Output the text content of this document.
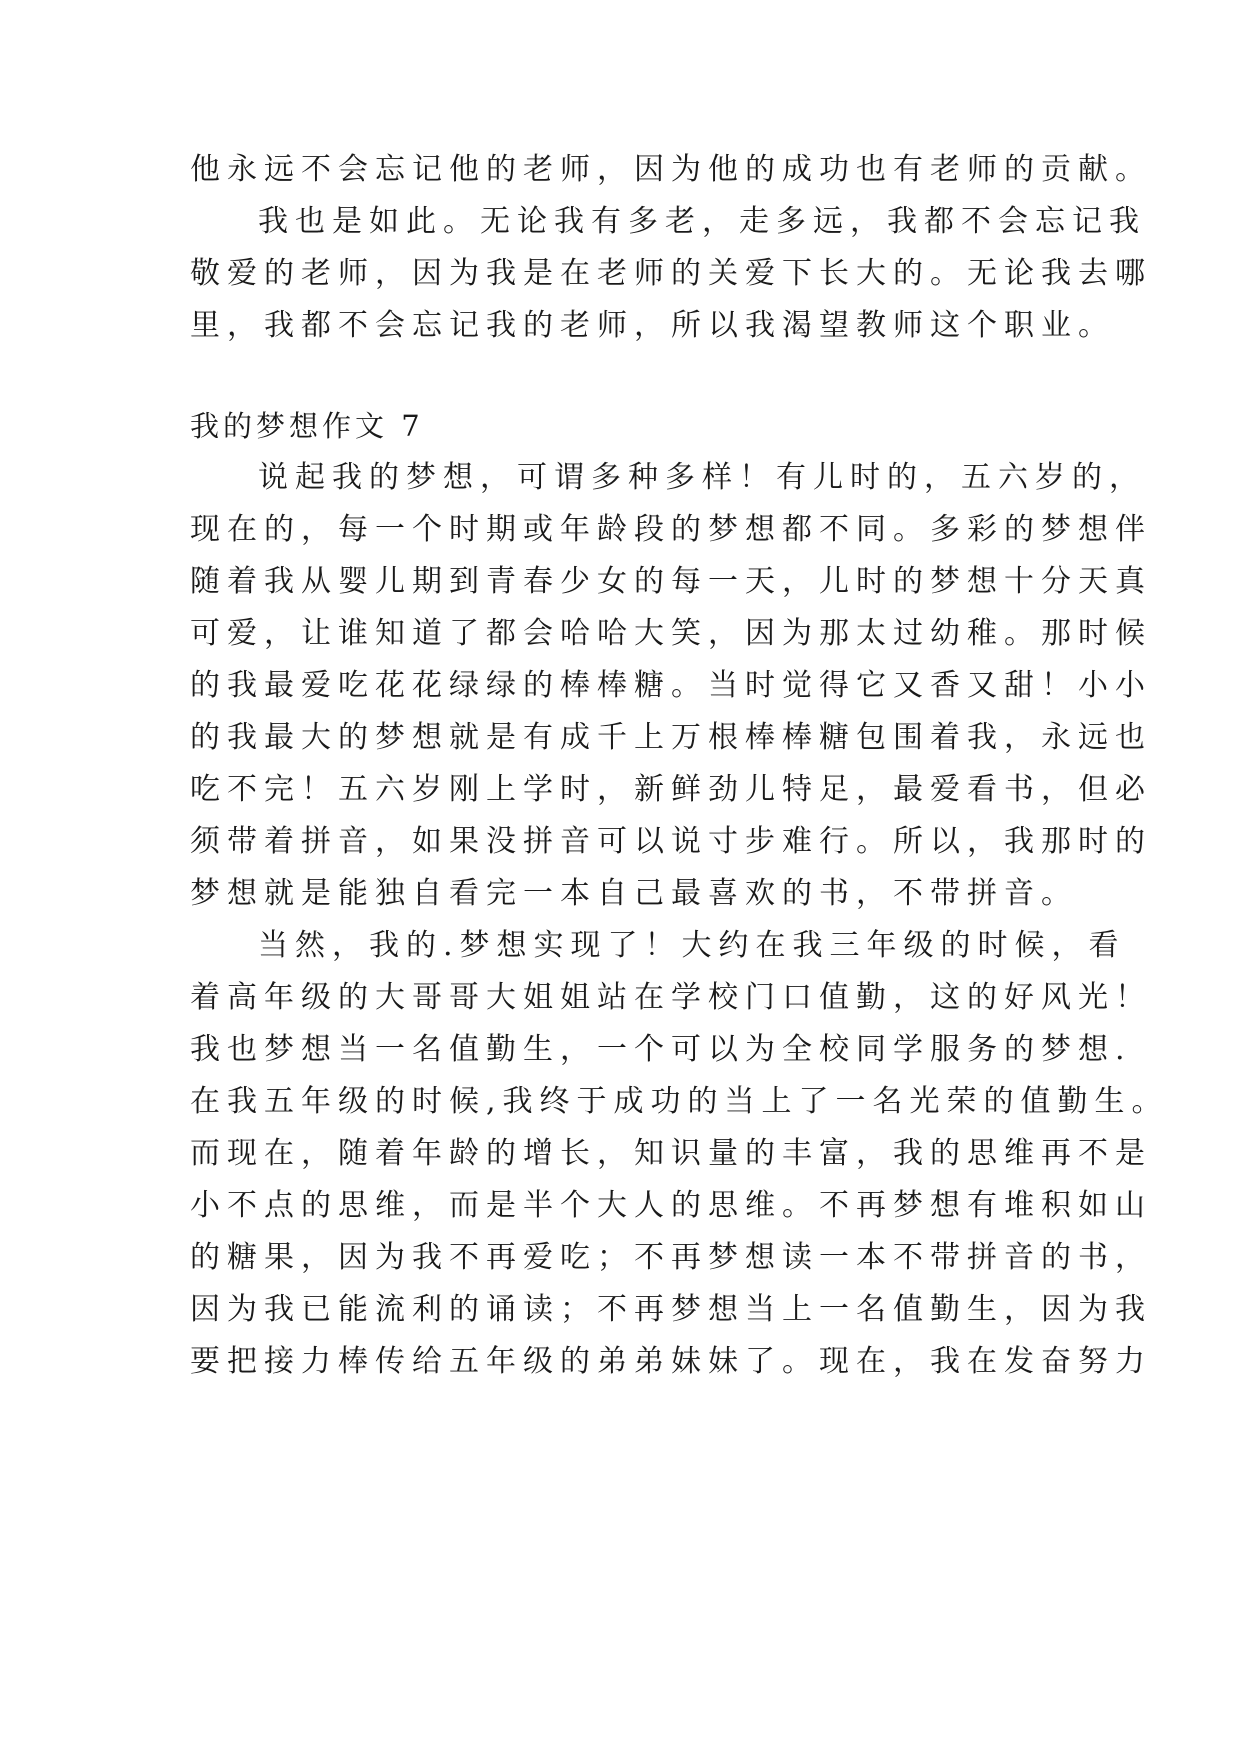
他永远不会忘记他的老师，因为他的成功也有老师的贡献。
我也是如此。无论我有多老，走多远，我都不会忘记我
敬爱的老师，因为我是在老师的关爱下长大的。无论我去哪
里，我都不会忘记我的老师，所以我渴望教师这个职业。
我的梦想作文 7
说起我的梦想，可谓多种多样！有儿时的，五六岁的，
现在的，每一个时期或年龄段的梦想都不同。多彩的梦想伴
随着我从婴儿期到青春少女的每一天，儿时的梦想十分天真
可爱，让谁知道了都会哈哈大笑，因为那太过幼稚。那时候
的我最爱吃花花绿绿的棒棒糖。当时觉得它又香又甜！小小
的我最大的梦想就是有成千上万根棒棒糖包围着我，永远也
吃不完！五六岁刚上学时，新鲜劲儿特足，最爱看书，但必
须带着拼音，如果没拼音可以说寸步难行。所以，我那时的
梦想就是能独自看完一本自己最喜欢的书，不带拼音。
当然，我的.梦想实现了！大约在我三年级的时候，看
着高年级的大哥哥大姐姐站在学校门口值勤，这的好风光！
我也梦想当一名值勤生，一个可以为全校同学服务的梦想.
在我五年级的时候,我终于成功的当上了一名光荣的值勤生。
而现在，随着年龄的增长，知识量的丰富，我的思维再不是
小不点的思维，而是半个大人的思维。不再梦想有堆积如山
的糖果，因为我不再爱吃；不再梦想读一本不带拼音的书，
因为我已能流利的诵读；不再梦想当上一名值勤生，因为我
要把接力棒传给五年级的弟弟妹妹了。现在，我在发奋努力
